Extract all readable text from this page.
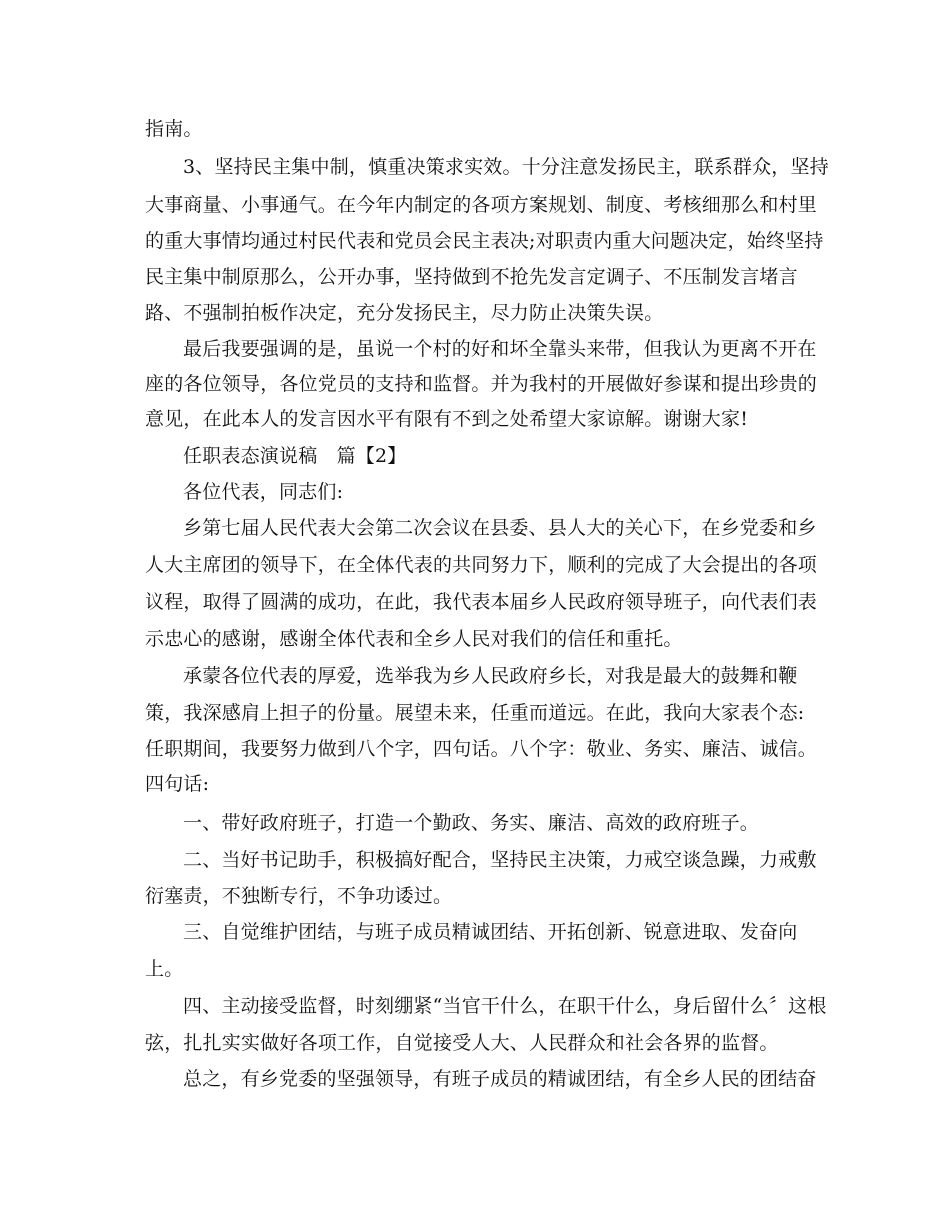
指南。
3、坚持民主集中制，慎重决策求实效。十分注意发扬民主，联系群众，坚持
大事商量、小事通气。在今年内制定的各项方案规划、制度、考核细那么和村里
的重大事情均通过村民代表和党员会民主表决;对职责内重大问题决定，始终坚持
民主集中制原那么，公开办事，坚持做到不抢先发言定调子、不压制发言堵言
路、不强制拍板作决定，充分发扬民主，尽力防止决策失误。
最后我要强调的是，虽说一个村的好和坏全靠头来带，但我认为更离不开在
座的各位领导，各位党员的支持和监督。并为我村的开展做好参谋和提出珍贵的
意见，在此本人的发言因水平有限有不到之处希望大家谅解。谢谢大家!
任职表态演说稿　篇【2】
各位代表，同志们:
乡第七届人民代表大会第二次会议在县委、县人大的关心下，在乡党委和乡
人大主席团的领导下，在全体代表的共同努力下，顺利的完成了大会提出的各项
议程，取得了圆满的成功，在此，我代表本届乡人民政府领导班子，向代表们表
示忠心的感谢，感谢全体代表和全乡人民对我们的信任和重托。
承蒙各位代表的厚爱，选举我为乡人民政府乡长，对我是最大的鼓舞和鞭
策，我深感肩上担子的份量。展望未来，任重而道远。在此，我向大家表个态:
任职期间，我要努力做到八个字，四句话。八个字：敬业、务实、廉洁、诚信。
四句话:
一、带好政府班子，打造一个勤政、务实、廉洁、高效的政府班子。
二、当好书记助手，积极搞好配合，坚持民主决策，力戒空谈急躁，力戒敷
衍塞责，不独断专行，不争功诿过。
三、自觉维护团结，与班子成员精诚团结、开拓创新、锐意进取、发奋向
上。
四、主动接受监督，时刻绷紧“当官干什么，在职干什么，身后留什么〞这根
弦，扎扎实实做好各项工作，自觉接受人大、人民群众和社会各界的监督。
总之，有乡党委的坚强领导，有班子成员的精诚团结，有全乡人民的团结奋
